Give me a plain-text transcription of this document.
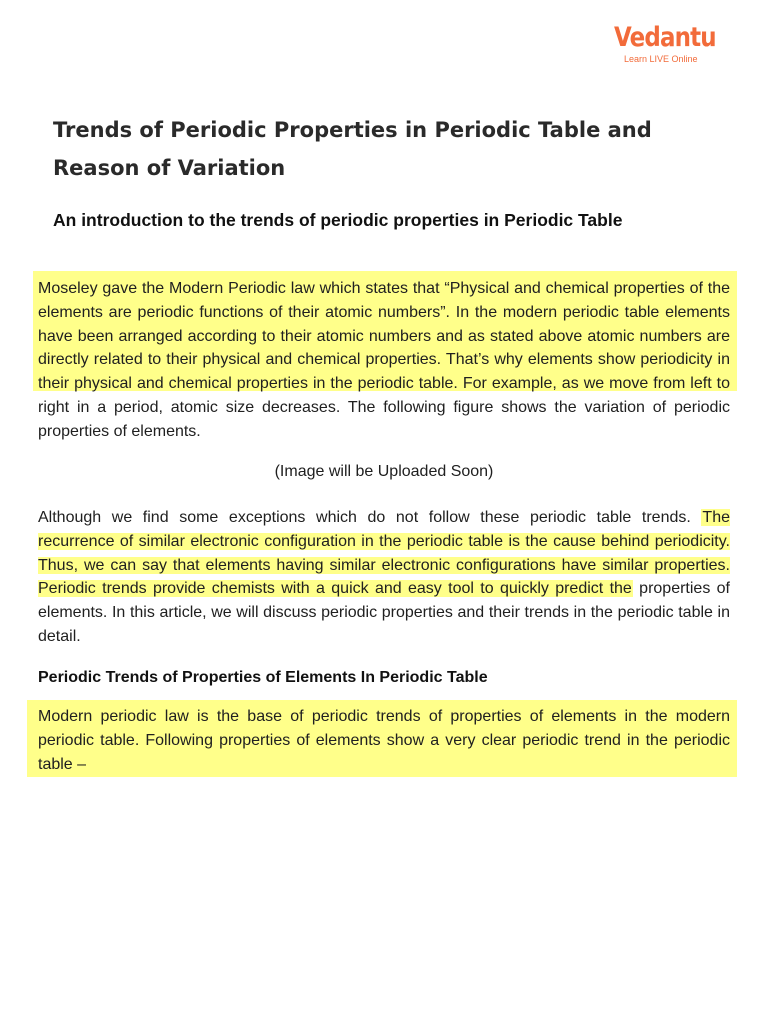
Vedantu
Learn LIVE Online
Trends of Periodic Properties in Periodic Table and Reason of Variation
An introduction to the trends of periodic properties in Periodic Table

Moseley gave the Modern Periodic law which states that “Physical and chemical properties of the elements are periodic functions of their atomic numbers”. In the modern periodic table elements have been arranged according to their atomic numbers and as stated above atomic numbers are directly related to their physical and chemical properties. That’s why elements show periodicity in their physical and chemical properties in the periodic table. For example, as we move from left to right in a period, atomic size decreases. The following figure shows the variation of periodic properties of elements.

(Image will be Uploaded Soon)

Although we find some exceptions which do not follow these periodic table trends. The recurrence of similar electronic configuration in the periodic table is the cause behind periodicity. Thus, we can say that elements having similar electronic configurations have similar properties. Periodic trends provide chemists with a quick and easy tool to quickly predict the properties of elements. In this article, we will discuss periodic properties and their trends in the periodic table in detail.

Periodic Trends of Properties of Elements In Periodic Table

Modern periodic law is the base of periodic trends of properties of elements in the modern periodic table. Following properties of elements show a very clear periodic trend in the periodic table –
